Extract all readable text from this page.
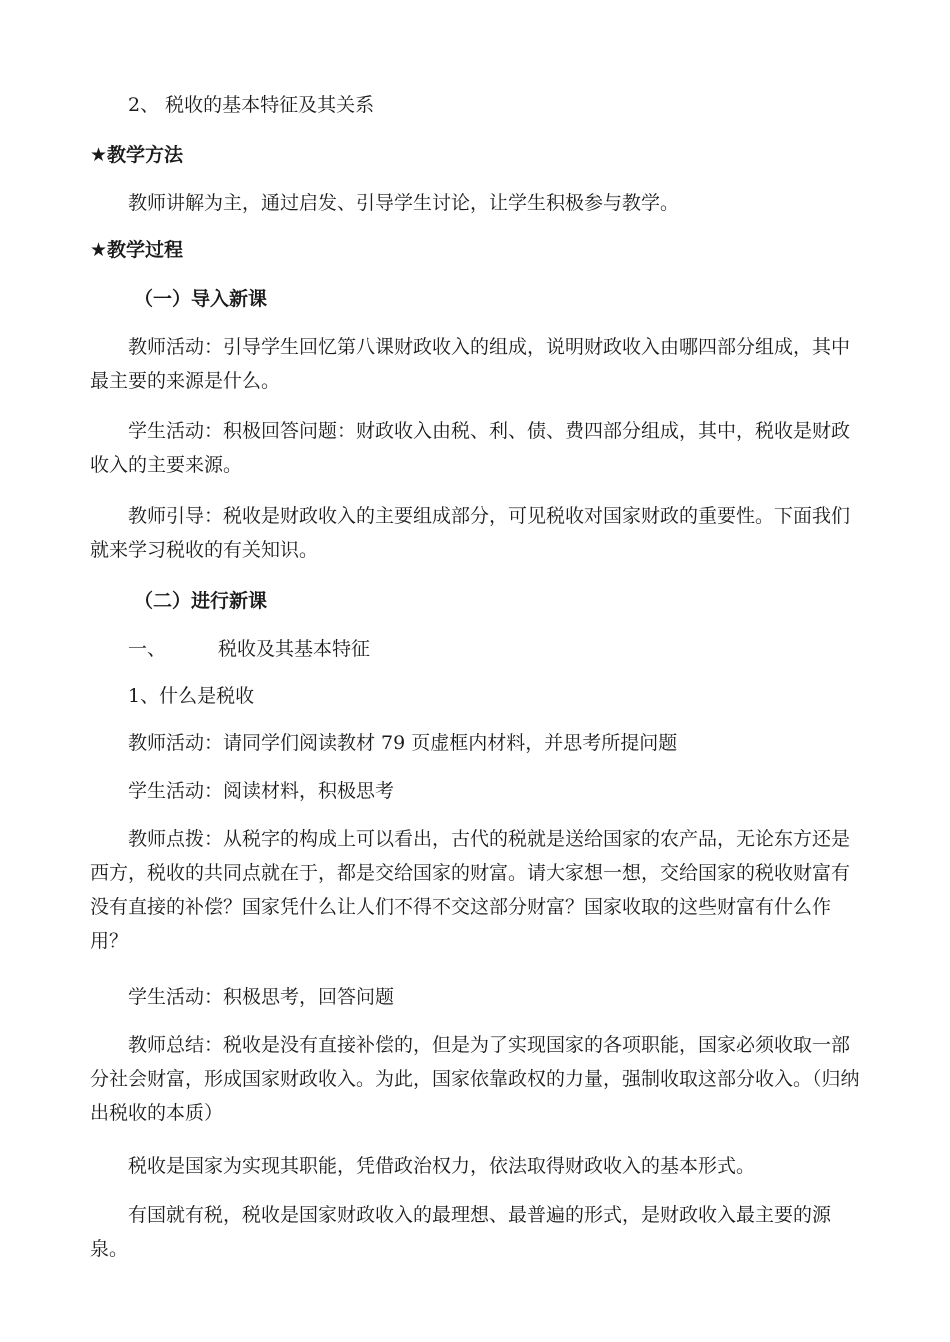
2、 税收的基本特征及其关系

★教学方法

教师讲解为主，通过启发、引导学生讨论，让学生积极参与教学。

★教学过程

（一）导入新课

教师活动：引导学生回忆第八课财政收入的组成，说明财政收入由哪四部分组成，其中最主要的来源是什么。

学生活动：积极回答问题：财政收入由税、利、债、费四部分组成，其中，税收是财政收入的主要来源。

教师引导：税收是财政收入的主要组成部分，可见税收对国家财政的重要性。下面我们就来学习税收的有关知识。

（二）进行新课

一、	税收及其基本特征

1、什么是税收

教师活动：请同学们阅读教材 79 页虚框内材料，并思考所提问题

学生活动：阅读材料，积极思考

教师点拨：从税字的构成上可以看出，古代的税就是送给国家的农产品，无论东方还是西方，税收的共同点就在于，都是交给国家的财富。请大家想一想，交给国家的税收财富有没有直接的补偿？国家凭什么让人们不得不交这部分财富？国家收取的这些财富有什么作用？

学生活动：积极思考，回答问题

教师总结：税收是没有直接补偿的，但是为了实现国家的各项职能，国家必须收取一部分社会财富，形成国家财政收入。为此，国家依靠政权的力量，强制收取这部分收入。（归纳出税收的本质）

税收是国家为实现其职能，凭借政治权力，依法取得财政收入的基本形式。

有国就有税，税收是国家财政收入的最理想、最普遍的形式，是财政收入最主要的源泉。
